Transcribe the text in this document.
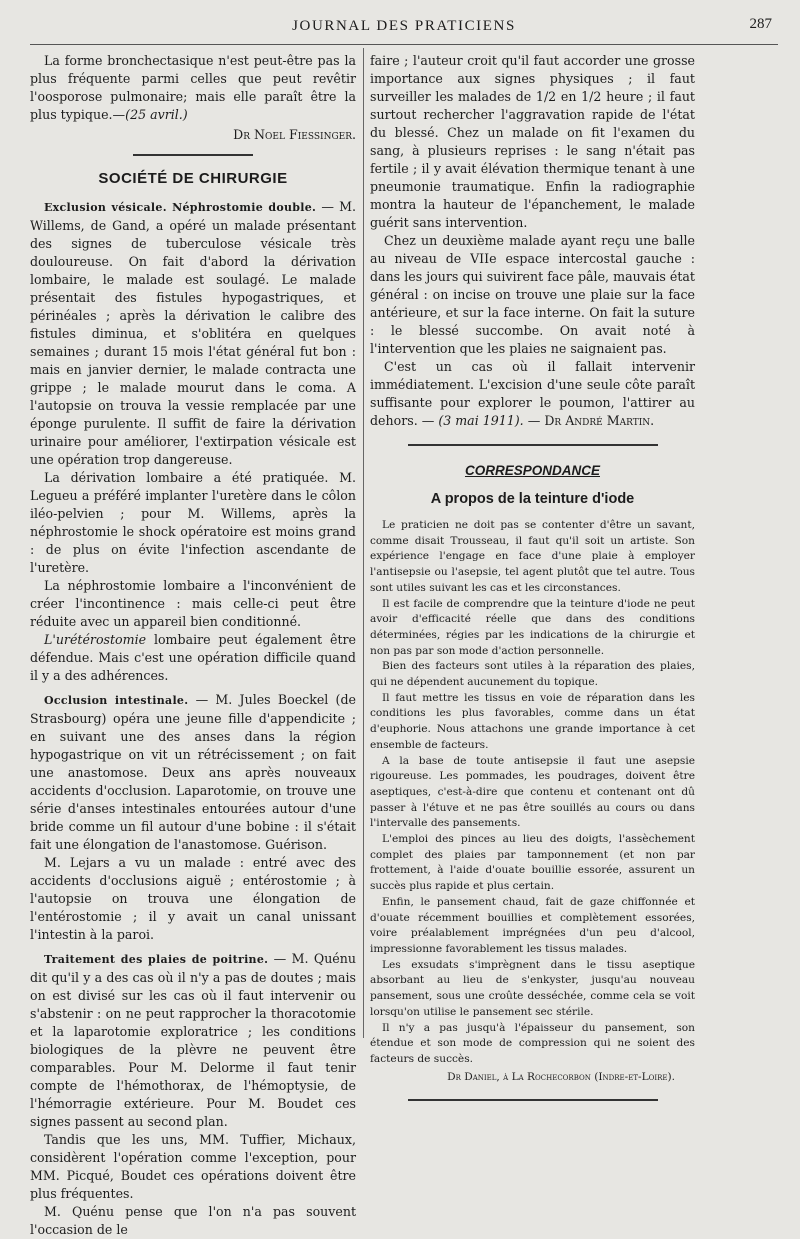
JOURNAL DES PRATICIENS	287

La forme bronchectasique n'est peut-être pas la plus fréquente parmi celles que peut revêtir l'oosporose pulmonaire; mais elle paraît être la plus typique.—(25 avril.)

Dr Noel Fiessinger.
SOCIÉTÉ DE CHIRURGIE

Exclusion vésicale. Néphrostomie double. — M. Willems, de Gand, a opéré un malade présentant des signes de tuberculose vésicale très douloureuse. On fait d'abord la dérivation lombaire, le malade est soulagé. Le malade présentait des fistules hypogastriques, et périnéales ; après la dérivation le calibre des fistules diminua, et s'oblitéra en quelques semaines ; durant 15 mois l'état général fut bon : mais en janvier dernier, le malade contracta une grippe ; le malade mourut dans le coma. A l'autopsie on trouva la vessie remplacée par une éponge purulente. Il suffit de faire la dérivation urinaire pour améliorer, l'extirpation vésicale est une opération trop dangereuse.

La dérivation lombaire a été pratiquée. M. Legueu a préféré implanter l'uretère dans le côlon iléo-pelvien ; pour M. Willems, après la néphrostomie le shock opératoire est moins grand : de plus on évite l'infection ascendante de l'uretère.

La néphrostomie lombaire a l'inconvénient de créer l'incontinence : mais celle-ci peut être réduite avec un appareil bien conditionné.

L'urétérostomie lombaire peut également être défendue. Mais c'est une opération difficile quand il y a des adhérences.

Occlusion intestinale. — M. Jules Boeckel (de Strasbourg) opéra une jeune fille d'appendicite ; en suivant une des anses dans la région hypogastrique on vit un rétrécissement ; on fait une anastomose. Deux ans après nouveaux accidents d'occlusion. Laparotomie, on trouve une série d'anses intestinales entourées autour d'une bride comme un fil autour d'une bobine : il s'était fait une élongation de l'anastomose. Guérison.

M. Lejars a vu un malade : entré avec des accidents d'occlusions aiguë ; entérostomie ; à l'autopsie on trouva une élongation de l'entérostomie ; il y avait un canal unissant l'intestin à la paroi.

Traitement des plaies de poitrine. — M. Quénu dit qu'il y a des cas où il n'y a pas de doutes ; mais on est divisé sur les cas où il faut intervenir ou s'abstenir : on ne peut rapprocher la thoracotomie et la laparotomie exploratrice ; les conditions biologiques de la plèvre ne peuvent être comparables. Pour M. Delorme il faut tenir compte de l'hémothorax, de l'hémoptysie, de l'hémorragie extérieure. Pour M. Boudet ces signes passent au second plan.

Tandis que les uns, MM. Tuffier, Michaux, considèrent l'opération comme l'exception, pour MM. Picqué, Boudet ces opérations doivent être plus fréquentes.

M. Quénu pense que l'on n'a pas souvent l'occasion de le

faire ; l'auteur croit qu'il faut accorder une grosse importance aux signes physiques ; il faut surveiller les malades de 1/2 en 1/2 heure ; il faut surtout rechercher l'aggravation rapide de l'état du blessé. Chez un malade on fit l'examen du sang, à plusieurs reprises : le sang n'était pas fertile ; il y avait élévation thermique tenant à une pneumonie traumatique. Enfin la radiographie montra la hauteur de l'épanchement, le malade guérit sans intervention.

Chez un deuxième malade ayant reçu une balle au niveau de VIIe espace intercostal gauche : dans les jours qui suivirent face pâle, mauvais état général : on incise on trouve une plaie sur la face antérieure, et sur la face interne. On fait la suture : le blessé succombe. On avait noté à l'intervention que les plaies ne saignaient pas.

C'est un cas où il fallait intervenir immédiatement. L'excision d'une seule côte paraît suffisante pour explorer le poumon, l'attirer au dehors. — (3 mai 1911). — Dr André Martin.

CORRESPONDANCE
A propos de la teinture d'iode

Le praticien ne doit pas se contenter d'être un savant, comme disait Trousseau, il faut qu'il soit un artiste. Son expérience l'engage en face d'une plaie à employer l'antisepsie ou l'asepsie, tel agent plutôt que tel autre. Tous sont utiles suivant les cas et les circonstances.

Il est facile de comprendre que la teinture d'iode ne peut avoir d'efficacité réelle que dans des conditions déterminées, régies par les indications de la chirurgie et non pas par son mode d'action personnelle.

Bien des facteurs sont utiles à la réparation des plaies, qui ne dépendent aucunement du topique.

Il faut mettre les tissus en voie de réparation dans les conditions les plus favorables, comme dans un état d'euphorie. Nous attachons une grande importance à cet ensemble de facteurs.

A la base de toute antisepsie il faut une asepsie rigoureuse. Les pommades, les poudrages, doivent être aseptiques, c'est-à-dire que contenu et contenant ont dû passer à l'étuve et ne pas être souillés au cours ou dans l'intervalle des pansements.

L'emploi des pinces au lieu des doigts, l'assèchement complet des plaies par tamponnement (et non par frottement, à l'aide d'ouate bouillie essorée, assurent un succès plus rapide et plus certain.

Enfin, le pansement chaud, fait de gaze chiffonnée et d'ouate récemment bouillies et complètement essorées, voire préalablement imprégnées d'un peu d'alcool, impressionne favorablement les tissus malades.

Les exsudats s'imprègnent dans le tissu aseptique absorbant au lieu de s'enkyster, jusqu'au nouveau pansement, sous une croûte desséchée, comme cela se voit lorsqu'on utilise le pansement sec stérile.

Il n'y a pas jusqu'à l'épaisseur du pansement, son étendue et son mode de compression qui ne soient des facteurs de succès.

Dr Daniel, à La Rochecorbon (Indre-et-Loire).
